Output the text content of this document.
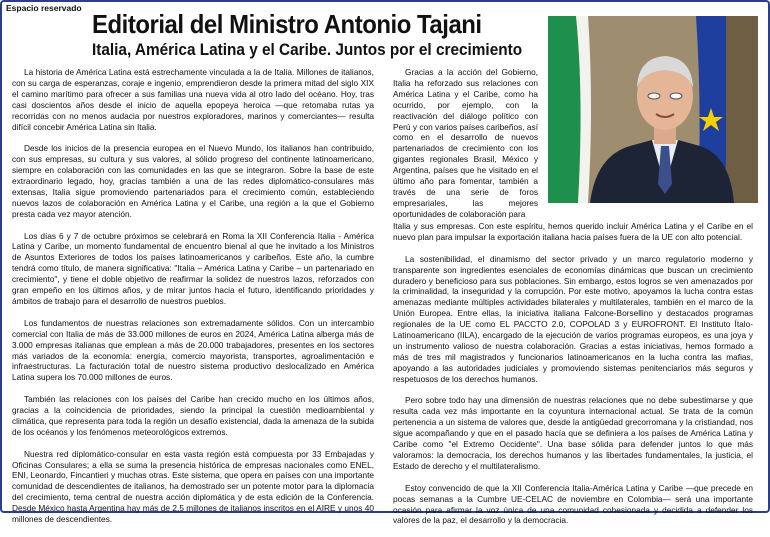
Espacio reservado
Editorial del Ministro Antonio Tajani
Italia, América Latina y el Caribe. Juntos por el crecimiento

La historia de América Latina está estrechamente vinculada a la de Italia. Millones de italianos, con su carga de esperanzas, coraje e ingenio, emprendieron desde la primera mitad del siglo XIX el camino marítimo para ofrecer a sus familias una nueva vida al otro lado del océano. Hoy, tras casi doscientos años desde el inicio de aquella epopeya heroica —que retomaba rutas ya recorridas con no menos audacia por nuestros exploradores, marinos y comerciantes— resulta difícil concebir América Latina sin Italia.

Desde los inicios de la presencia europea en el Nuevo Mundo, los italianos han contribuido, con sus empresas, su cultura y sus valores, al sólido progreso del continente latinoamericano, siempre en colaboración con las comunidades en las que se integraron. Sobre la base de este extraordinario legado, hoy, gracias también a una de las redes diplomático-consulares más extensas, Italia sigue promoviendo partenariados para el crecimiento común, estableciendo nuevos lazos de colaboración en América Latina y el Caribe, una región a la que el Gobierno presta cada vez mayor atención.

Los días 6 y 7 de octubre próximos se celebrará en Roma la XII Conferencia Italia - América Latina y Caribe, un momento fundamental de encuentro bienal al que he invitado a los Ministros de Asuntos Exteriores de todos los países latinoamericanos y caribeños. Este año, la cumbre tendrá como título, de manera significativa: "Italia – América Latina y Caribe – un partenariado en crecimiento", y tiene el doble objetivo de reafirmar la solidez de nuestros lazos, reforzados con gran empeño en los últimos años, y de mirar juntos hacia el futuro, identificando prioridades y ámbitos de trabajo para el desarrollo de nuestros pueblos.

Los fundamentos de nuestras relaciones son extremadamente sólidos. Con un intercambio comercial con Italia de más de 33.000 millones de euros en 2024, América Latina alberga más de 3.000 empresas italianas que emplean a más de 20.000 trabajadores, presentes en los sectores más variados de la economía: energía, comercio mayorista, transportes, agroalimentación e infraestructuras. La facturación total de nuestro sistema productivo deslocalizado en América Latina supera los 70.000 millones de euros.

También las relaciones con los países del Caribe han crecido mucho en los últimos años, gracias a la coincidencia de prioridades, siendo la principal la cuestión medioambiental y climática, que representa para toda la región un desafío existencial, dada la amenaza de la subida de los océanos y los fenómenos meteorológicos extremos.

Nuestra red diplomático-consular en esta vasta región está compuesta por 33 Embajadas y Oficinas Consulares; a ella se suma la presencia histórica de empresas nacionales como ENEL, ENI, Leonardo, Fincantieri y muchas otras. Este sistema, que opera en países con una importante comunidad de descendientes de italianos, ha demostrado ser un potente motor para la diplomacia del crecimiento, tema central de nuestra acción diplomática y de esta edición de la Conferencia. Desde México hasta Argentina hay más de 2,5 millones de italianos inscritos en el AIRE y unos 40 millones de descendientes.

Gracias a la acción del Gobierno, Italia ha reforzado sus relaciones con América Latina y el Caribe, como ha ocurrido, por ejemplo, con la reactivación del diálogo político con Perú y con varios países caribeños, así como en el desarrollo de nuevos partenariados de crecimiento con los gigantes regionales Brasil, México y Argentina, países que he visitado en el último año para fomentar, también a través de una serie de foros empresariales, las mejores oportunidades de colaboración para

Italia y sus empresas. Con este espíritu, hemos querido incluir América Latina y el Caribe en el nuevo plan para impulsar la exportación italiana hacia países fuera de la UE con alto potencial.

La sostenibilidad, el dinamismo del sector privado y un marco regulatorio moderno y transparente son ingredientes esenciales de economías dinámicas que buscan un crecimiento duradero y beneficioso para sus poblaciones. Sin embargo, estos logros se ven amenazados por la criminalidad, la inseguridad y la corrupción. Por este motivo, apoyamos la lucha contra estas amenazas mediante múltiples actividades bilaterales y multilaterales, también en el marco de la Unión Europea. Entre ellas, la iniciativa italiana Falcone-Borsellino y destacados programas regionales de la UE como EL PACCTO 2.0, COPOLAD 3 y EUROFRONT. El Instituto Ítalo-Latinoamericano (IILA), encargado de la ejecución de varios programas europeos, es una joya y un instrumento valioso de nuestra colaboración. Gracias a estas iniciativas, hemos formado a más de tres mil magistrados y funcionarios latinoamericanos en la lucha contra las mafias, apoyando a las autoridades judiciales y promoviendo sistemas penitenciarios más seguros y respetuosos de los derechos humanos.

Pero sobre todo hay una dimensión de nuestras relaciones que no debe subestimarse y que resulta cada vez más importante en la coyuntura internacional actual. Se trata de la común pertenencia a un sistema de valores que, desde la antigüedad grecorromana y la cristiandad, nos sigue acompañando y que en el pasado hacía que se definiera a los países de América Latina y Caribe como "el Extremo Occidente". Una base sólida para defender juntos lo que más valoramos: la democracia, los derechos humanos y las libertades fundamentales, la justicia, el Estado de derecho y el multilateralismo.

Estoy convencido de que la XII Conferencia Italia-América Latina y Caribe —que precede en pocas semanas a la Cumbre UE-CELAC de noviembre en Colombia— será una importante ocasión para afirmar la voz única de una comunidad cohesionada y decidida a defender los valores de la paz, el desarrollo y la democracia.
